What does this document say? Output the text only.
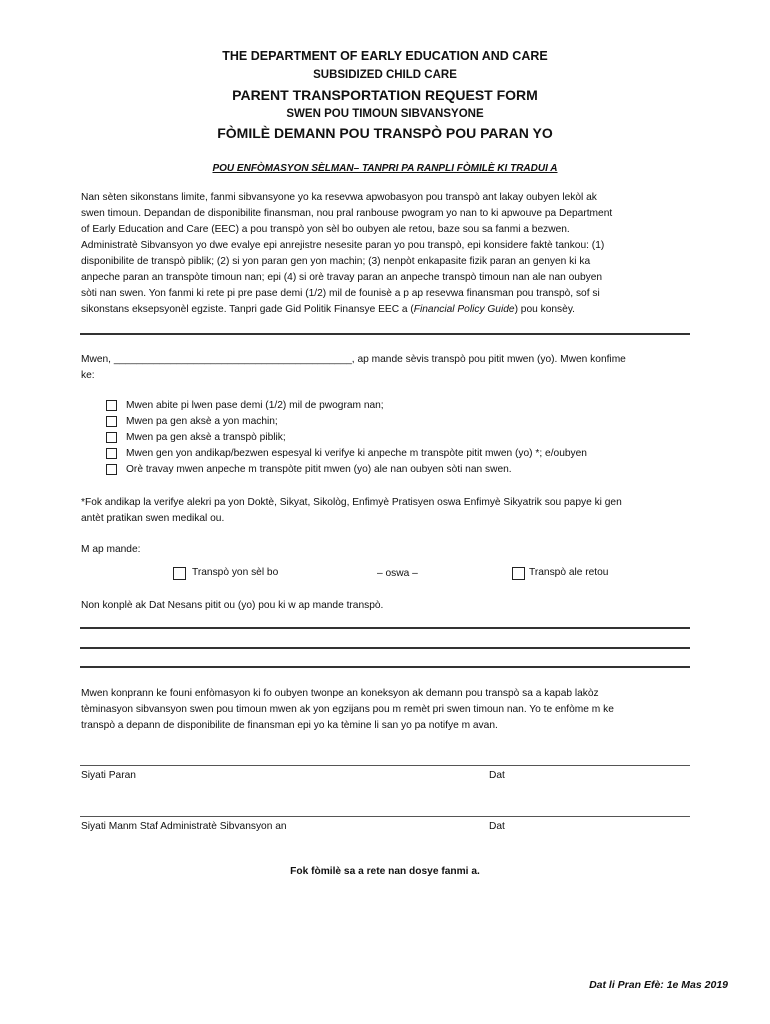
THE DEPARTMENT OF EARLY EDUCATION AND CARE
SUBSIDIZED CHILD CARE
PARENT TRANSPORTATION REQUEST FORM
SWEN POU TIMOUN SIBVANSYONE
FÒMILÈ DEMANN POU TRANSPÒ POU PARAN YO
POU ENFÒMASYON SÈLMAN– TANPRI PA RANPLI FÒMILÈ KI TRADUI A
Nan sèten sikonstans limite, fanmi sibvansyone yo ka resevwa apwobasyon pou transpò ant lakay oubyen lekòl ak
swen timoun. Depandan de disponibilite finansman, nou pral ranbouse pwogram yo nan to ki apwouve pa Department
of Early Education and Care (EEC) a pou transpò yon sèl bo oubyen ale retou, baze sou sa fanmi a bezwen.
Administratè Sibvansyon yo dwe evalye epi anrejistre nesesite paran yo pou transpò, epi konsidere faktè tankou: (1)
disponibilite de transpò piblik; (2) si yon paran gen yon machin; (3) nenpòt enkapasite fizik paran an genyen ki ka
anpeche paran an transpòte timoun nan; epi (4) si orè travay paran an anpeche transpò timoun nan ale nan oubyen
sòti nan swen. Yon fanmi ki rete pi pre pase demi (1/2) mil de founisè a p ap resevwa finansman pou transpò, sof si
sikonstans eksepsyonèl egziste. Tanpri gade Gid Politik Finansye EEC a (Financial Policy Guide) pou konsèy.
Mwen, __________________________________________, ap mande sèvis transpò pou pitit mwen (yo). Mwen konfime
ke:
Mwen abite pi lwen pase demi (1/2) mil de pwogram nan;
Mwen pa gen aksè a yon machin;
Mwen pa gen aksè a transpò piblik;
Mwen gen yon andikap/bezwen espesyal ki verifye ki anpeche m transpòte pitit mwen (yo) *; e/oubyen
Orè travay mwen anpeche m transpòte pitit mwen (yo) ale nan oubyen sòti nan swen.
*Fok andikap la verifye alekri pa yon Doktè, Sikyat, Sikològ, Enfimyè Pratisyen oswa Enfimyè Sikyatrik sou papye ki gen
antèt pratikan swen medikal ou.
M ap mande:
Transpò yon sèl bo	– oswa –	Transpò ale retou
Non konplè ak Dat Nesans pitit ou (yo) pou ki w ap mande transpò.
Mwen konprann ke founi enfòmasyon ki fo oubyen twonpe an koneksyon ak demann pou transpò sa a kapab lakòz
tèminasyon sibvansyon swen pou timoun mwen ak yon egzijans pou m remèt pri swen timoun nan. Yo te enfòme m ke
transpò a depann de disponibilite de finansman epi yo ka tèmine li san yo pa notifye m avan.
Siyati Paran	Dat
Siyati Manm Staf Administratè Sibvansyon an	Dat
Fok fòmilè sa a rete nan dosye fanmi a.
Dat li Pran Efè: 1e Mas 2019
